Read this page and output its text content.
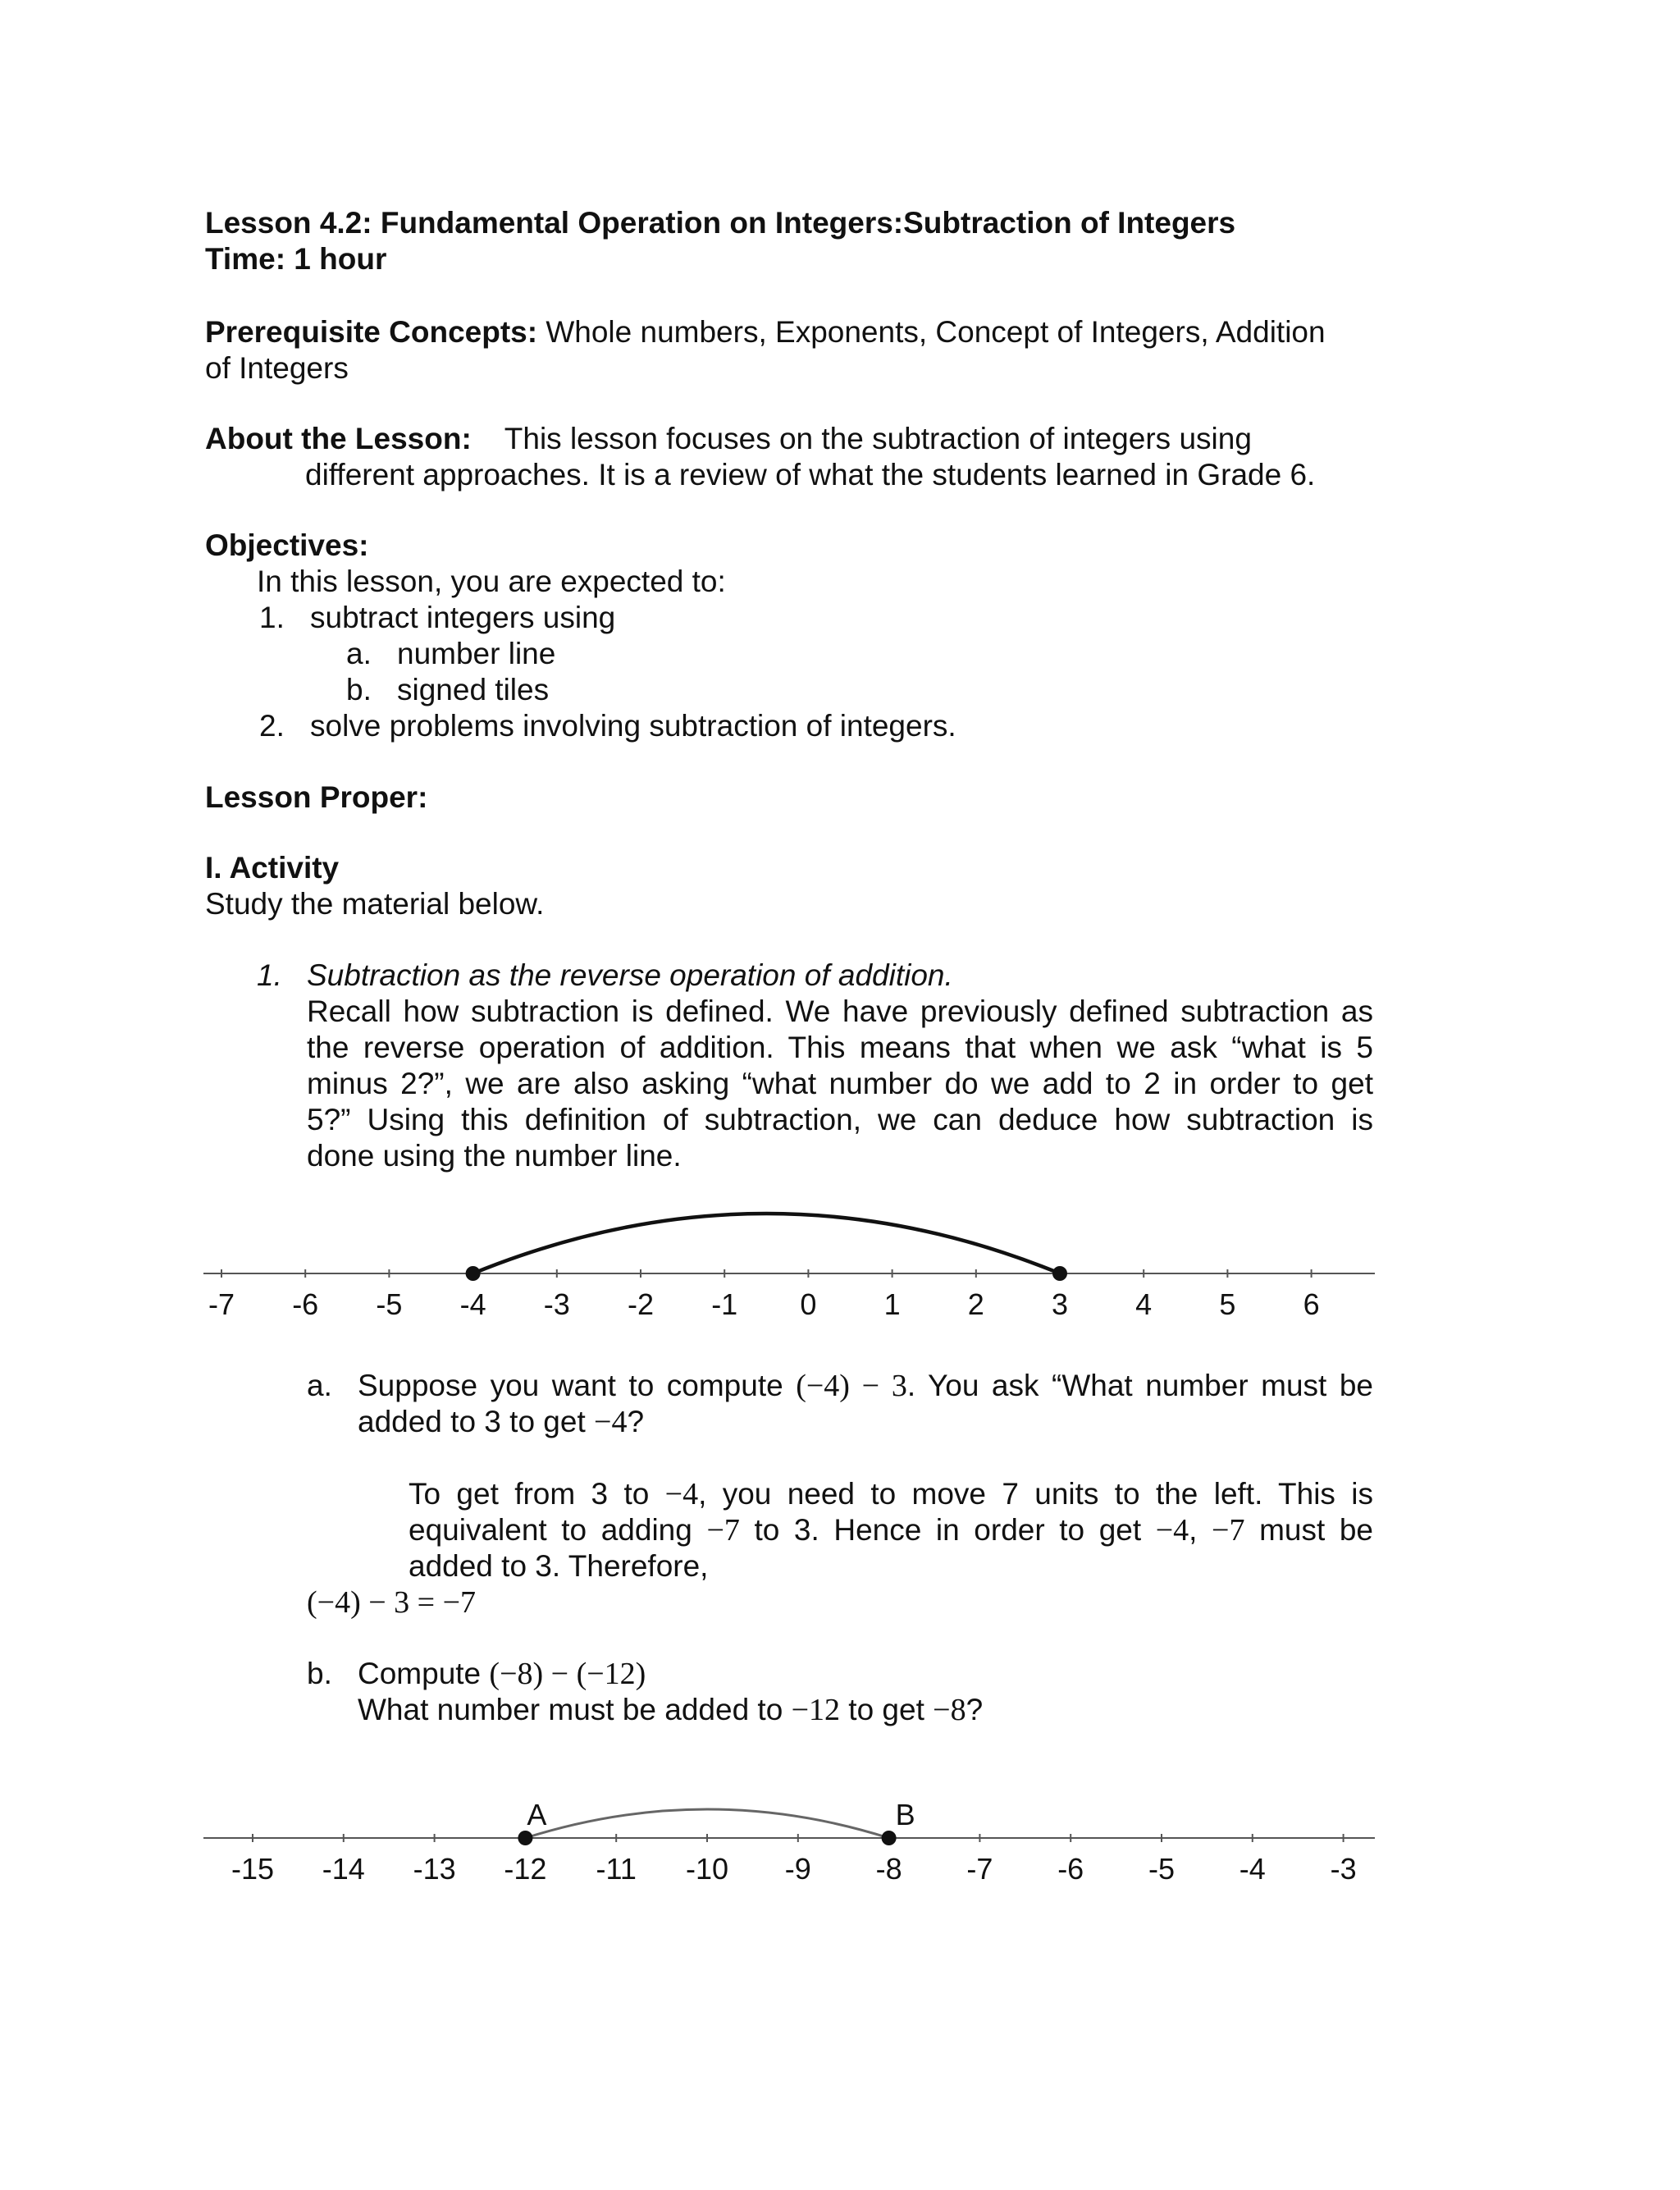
Lesson 4.2: Fundamental Operation on Integers:Subtraction of Integers
Time: 1 hour
Prerequisite Concepts: Whole numbers, Exponents, Concept of Integers, Addition
of Integers
About the Lesson: This lesson focuses on the subtraction of integers using
different approaches. It is a review of what the students learned in Grade 6.
Objectives:
In this lesson, you are expected to:
1. subtract integers using
a. number line
b. signed tiles
2. solve problems involving subtraction of integers.
Lesson Proper:
I. Activity
Study the material below.
1. Subtraction as the reverse operation of addition.
Recall how subtraction is defined. We have previously defined subtraction as
the reverse operation of addition. This means that when we ask “what is 5
minus 2?”, we are also asking “what number do we add to 2 in order to get
5?” Using this definition of subtraction, we can deduce how subtraction is
done using the number line.
-7 -6 -5 -4 -3 -2 -1 0 1 2 3 4 5 6
a. Suppose you want to compute (−4) − 3. You ask “What number must be
added to 3 to get −4?
To get from 3 to −4, you need to move 7 units to the left. This is
equivalent to adding −7 to 3. Hence in order to get −4, −7 must be
added to 3. Therefore,
(−4) − 3 = −7
b. Compute (−8) − (−12)
What number must be added to −12 to get −8?
A	B
-15 -14 -13 -12 -11 -10 -9 -8 -7 -6 -5 -4 -3
